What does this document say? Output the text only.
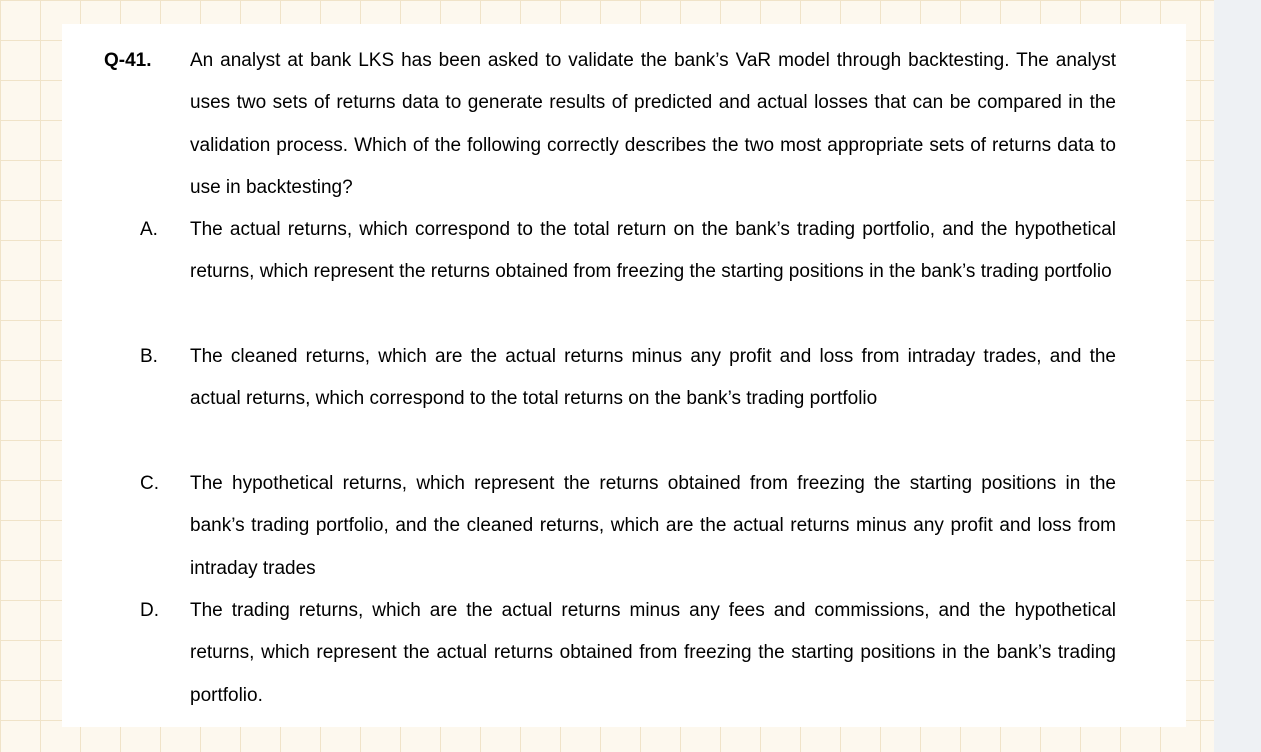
Q-41. An analyst at bank LKS has been asked to validate the bank’s VaR model through backtesting. The analyst uses two sets of returns data to generate results of predicted and actual losses that can be compared in the validation process. Which of the following correctly describes the two most appropriate sets of returns data to use in backtesting?
A. The actual returns, which correspond to the total return on the bank’s trading portfolio, and the hypothetical returns, which represent the returns obtained from freezing the starting positions in the bank’s trading portfolio
B. The cleaned returns, which are the actual returns minus any profit and loss from intraday trades, and the actual returns, which correspond to the total returns on the bank’s trading portfolio
C. The hypothetical returns, which represent the returns obtained from freezing the starting positions in the bank’s trading portfolio, and the cleaned returns, which are the actual returns minus any profit and loss from intraday trades
D. The trading returns, which are the actual returns minus any fees and commissions, and the hypothetical returns, which represent the actual returns obtained from freezing the starting positions in the bank’s trading portfolio.
